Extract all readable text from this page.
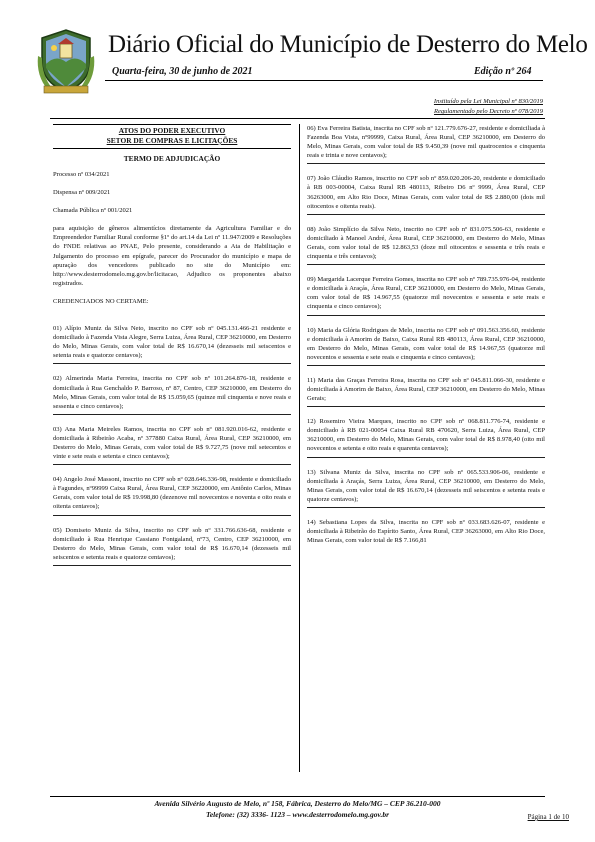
Diário Oficial do Município de Desterro do Melo
Quarta-feira, 30 de junho de 2021	Edição nº 264
Instituído pela Lei Municipal nº 830/2019
Regulamentado pelo Decreto nº 078/2019
ATOS DO PODER EXECUTIVO
SETOR DE COMPRAS E LICITAÇÕES
TERMO DE ADJUDICAÇÃO
Processo nº 034/2021
Dispensa nº 009/2021
Chamada Pública nº 001/2021
para aquisição de gêneros alimentícios diretamente da Agricultura Familiar e do Empreendedor Familiar Rural conforme §1º do art.14 da Lei nº 11.947/2009 e Resoluções do FNDE relativas ao PNAE, Pelo presente, considerando a Ata de Habilitação e Julgamento do processo em epígrafe, parecer do Procurador do município e mapa de apuração dos vencedores publicado no site do Município em: http://www.desterrodomelo.mg.gov.br/licitacao, Adjudico os proponentes abaixo registrados.
CREDENCIADOS NO CERTAME:
01) Alípio Muniz da Silva Neto, inscrito no CPF sob nº 045.131.466-21 residente e domiciliado à Fazenda Vista Alegre, Serra Luiza, Área Rural, CEP 36210000, em Desterro do Melo, Minas Gerais, com valor total de R$ 16.670,14 (dezesseis mil seiscentos e setenta reais e quatorze centavos);
02) Almerinda Maria Ferreira, inscrita no CPF sob nº 101.264.876-18, residente e domiciliada à Rua Genchaldo P. Barroso, nº 87, Centro, CEP 36210000, em Desterro do Melo, Minas Gerais, com valor total de R$ 15.059,65 (quinze mil cinquenta e nove reais e sessenta e cinco centavos);
03) Ana Maria Meireles Ramos, inscrita no CPF sob nº 081.920.016-62, residente e domiciliada à Ribeirão Acaba, nº 377880 Caixa Rural, Área Rural, CEP 36210000, em Desterro do Melo, Minas Gerais, com valor total de R$ 9.727,75 (nove mil setecentos e vinte e sete reais e setenta e cinco centavos);
04) Angelo José Massoni, inscrito no CPF sob nº 028.646.336-98, residente e domiciliado à Fagundes, nº99999 Caixa Rural, Área Rural, CEP 36220000, em Antônio Carlos, Minas Gerais, com valor total de R$ 19.998,80 (dezenove mil novecentos e noventa e oito reais e oitenta centavos);
05) Domiseto Muniz da Silva, inscrito no CPF sob nº 331.766.636-68, residente e domiciliado à Rua Henrique Cassiano Fontgaland, nº73, Centro, CEP 36210000, em Desterro do Melo, Minas Gerais, com valor total de R$ 16.670,14 (dezesseis mil seiscentos e setenta reais e quatorze centavos);
06) Eva Ferreira Batista, inscrita no CPF sob nº 121.779.676-27, residente e domiciliada à Fazenda Boa Vista, nº99999, Caixa Rural, Área Rural, CEP 36210000, em Desterro do Melo, Minas Gerais, com valor total de R$ 9.450,39 (nove mil quatrocentos e cinquenta reais e trinta e nove centavos);
07) João Cláudio Ramos, inscrito no CPF sob nº 859.020.206-20, residente e domiciliado à RB 003-00004, Caixa Rural RB 480113, Ribeiro D6 nº 9999, Área Rural, CEP 36263000, em Alto Rio Doce, Minas Gerais, com valor total de R$ 2.880,00 (dois mil oitocentos e oitenta reais).
08) João Simplício da Silva Neto, inscrito no CPF sob nº 831.075.506-63, residente e domiciliado à Manoel André, Área Rural, CEP 36210000, em Desterro do Melo, Minas Gerais, com valor total de R$ 12.863,53 (doze mil oitocentos e sessenta e três reais e cinquenta e três centavos);
09) Margarida Lacerque Ferreira Gomes, inscrita no CPF sob nº 789.735.976-04, residente e domiciliada à Araçás, Área Rural, CEP 36210000, em Desterro do Melo, Minas Gerais, com valor total de R$ 14.967,55 (quatorze mil novecentos e sessenta e sete reais e cinquenta e cinco centavos);
10) Maria da Glória Rodrigues de Melo, inscrita no CPF sob nº 091.563.356.60, residente e domiciliada à Amorim de Baixo, Caixa Rural RB 480113, Área Rural, CEP 36210000, em Desterro do Melo, Minas Gerais, com valor total de R$ 14.967,55 (quatorze mil novecentos e sessenta e sete reais e cinquenta e cinco centavos);
11) Maria das Graças Ferreira Rosa, inscrita no CPF sob nº 045.811.066-30, residente e domiciliada à Amorim de Baixo, Área Rural, CEP 36210000, em Desterro do Melo, Minas Gerais;
12) Rosemiro Vieira Marques, inscrito no CPF sob nº 068.811.776-74, residente e domiciliado à RB 021-00054 Caixa Rural RB 470620, Serra Luiza, Área Rural, CEP 36210000, em Desterro do Melo, Minas Gerais, com valor total de R$ 8.978,40 (oito mil novecentos e setenta e oito reais e quarenta centavos);
13) Silvana Muniz da Silva, inscrita no CPF sob nº 065.533.906-06, residente e domiciliada à Araçás, Serra Luiza, Área Rural, CEP 36210000, em Desterro do Melo, Minas Gerais, com valor total de R$ 16.670,14 (dezesseis mil seiscentos e setenta reais e quatorze centavos);
14) Sebastiana Lopes da Silva, inscrita no CPF sob nº 033.683.626-07, residente e domiciliada à Ribeirão do Espírito Santo, Área Rural, CEP 36263000, em Alto Rio Doce, Minas Gerais, com valor total de R$ 7.166,81
Avenida Silvério Augusto de Melo, nº 158, Fábrica, Desterro do Melo/MG – CEP 36.210-000
Telefone: (32) 3336- 1123 – www.desterrodomelo.mg.gov.br	Página 1 de 10
